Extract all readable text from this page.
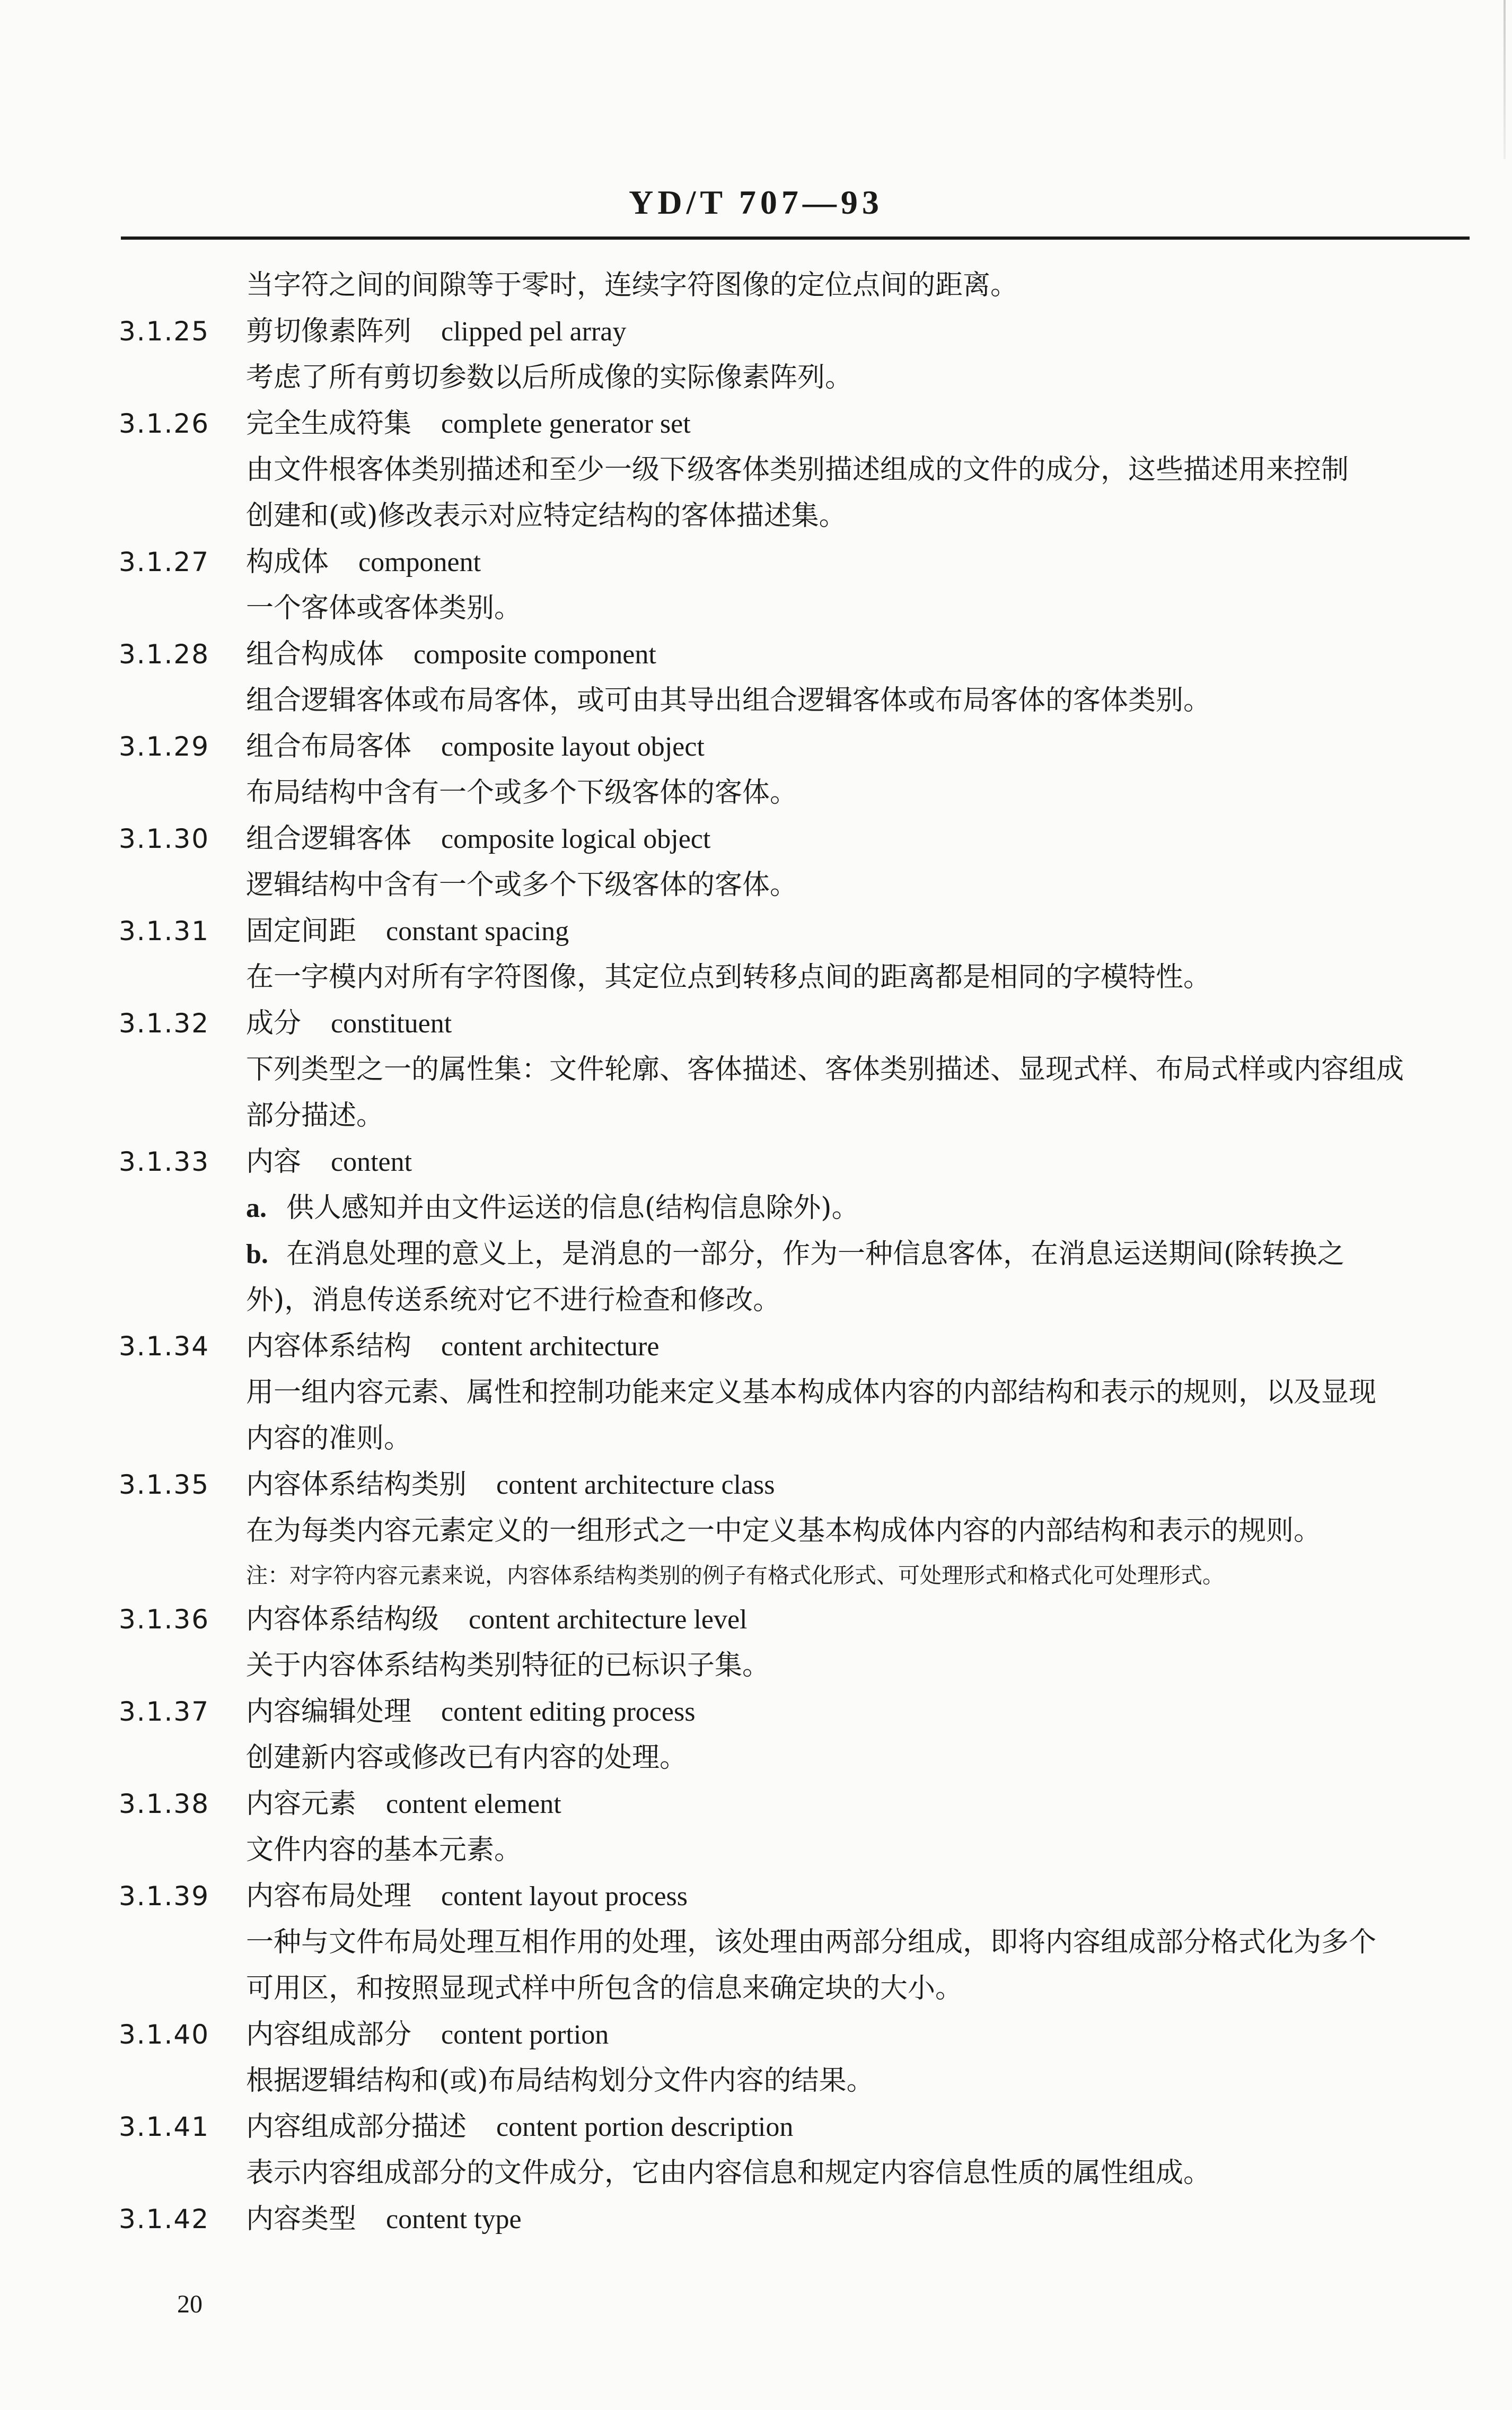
YD/T 707—93
当字符之间的间隙等于零时，连续字符图像的定位点间的距离。
3.1.25 剪切像素阵列 clipped pel array
考虑了所有剪切参数以后所成像的实际像素阵列。
3.1.26 完全生成符集 complete generator set
由文件根客体类别描述和至少一级下级客体类别描述组成的文件的成分，这些描述用来控制
创建和(或)修改表示对应特定结构的客体描述集。
3.1.27 构成体 component
一个客体或客体类别。
3.1.28 组合构成体 composite component
组合逻辑客体或布局客体，或可由其导出组合逻辑客体或布局客体的客体类别。
3.1.29 组合布局客体 composite layout object
布局结构中含有一个或多个下级客体的客体。
3.1.30 组合逻辑客体 composite logical object
逻辑结构中含有一个或多个下级客体的客体。
3.1.31 固定间距 constant spacing
在一字模内对所有字符图像，其定位点到转移点间的距离都是相同的字模特性。
3.1.32 成分 constituent
下列类型之一的属性集：文件轮廓、客体描述、客体类别描述、显现式样、布局式样或内容组成
部分描述。
3.1.33 内容 content
a. 供人感知并由文件运送的信息(结构信息除外)。
b. 在消息处理的意义上，是消息的一部分，作为一种信息客体，在消息运送期间(除转换之
外)，消息传送系统对它不进行检查和修改。
3.1.34 内容体系结构 content architecture
用一组内容元素、属性和控制功能来定义基本构成体内容的内部结构和表示的规则，以及显现
内容的准则。
3.1.35 内容体系结构类别 content architecture class
在为每类内容元素定义的一组形式之一中定义基本构成体内容的内部结构和表示的规则。
注：对字符内容元素来说，内容体系结构类别的例子有格式化形式、可处理形式和格式化可处理形式。
3.1.36 内容体系结构级 content architecture level
关于内容体系结构类别特征的已标识子集。
3.1.37 内容编辑处理 content editing process
创建新内容或修改已有内容的处理。
3.1.38 内容元素 content element
文件内容的基本元素。
3.1.39 内容布局处理 content layout process
一种与文件布局处理互相作用的处理，该处理由两部分组成，即将内容组成部分格式化为多个
可用区，和按照显现式样中所包含的信息来确定块的大小。
3.1.40 内容组成部分 content portion
根据逻辑结构和(或)布局结构划分文件内容的结果。
3.1.41 内容组成部分描述 content portion description
表示内容组成部分的文件成分，它由内容信息和规定内容信息性质的属性组成。
3.1.42 内容类型 content type
20
